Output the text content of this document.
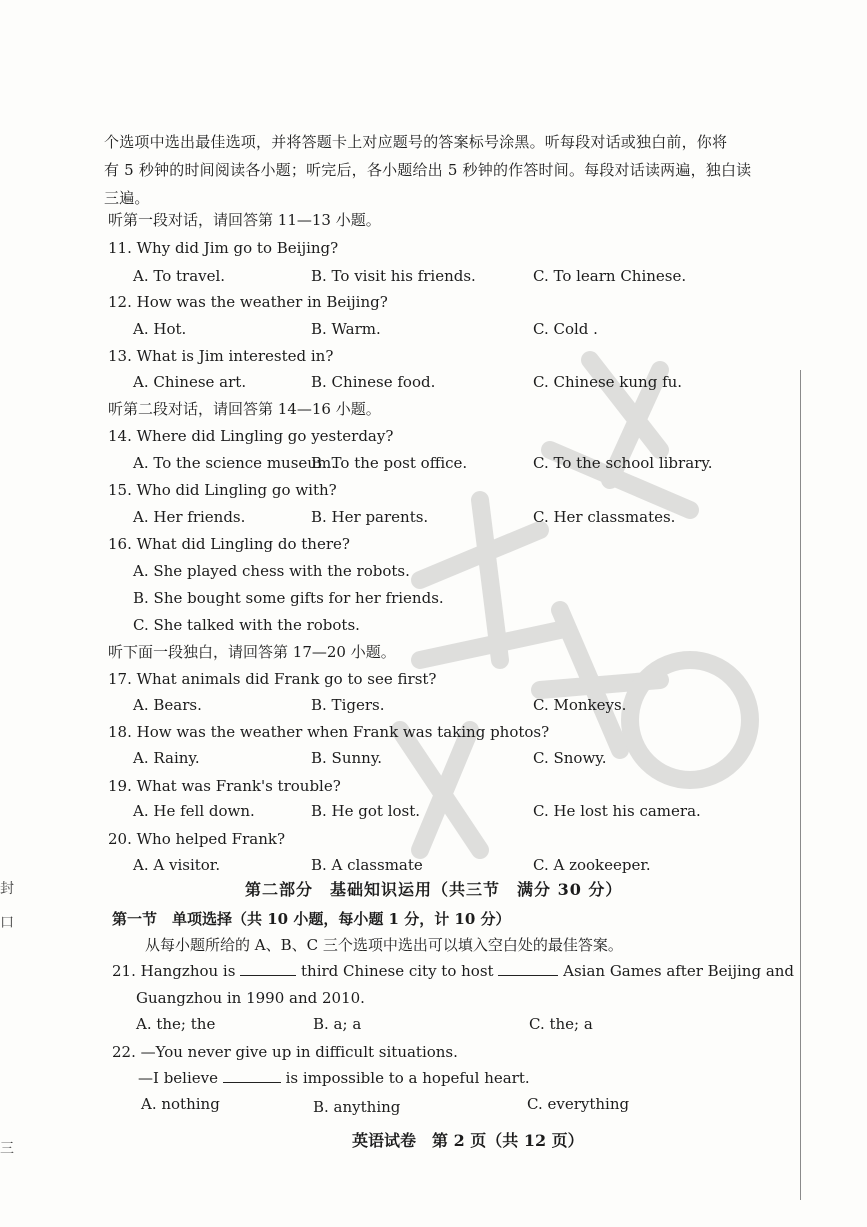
个选项中选出最佳选项，并将答题卡上对应题号的答案标号涂黑。听每段对话或独白前，你将
有 5 秒钟的时间阅读各小题；听完后，各小题给出 5 秒钟的作答时间。每段对话读两遍，独白读
三遍。
听第一段对话，请回答第 11—13 小题。
11. Why did Jim go to Beijing?
A. To travel.	B. To visit his friends.	C. To learn Chinese.
12. How was the weather in Beijing?
A. Hot.	B. Warm.	C. Cold .
13. What is Jim interested in?
A. Chinese art.	B. Chinese food.	C. Chinese kung fu.
听第二段对话，请回答第 14—16 小题。
14. Where did Lingling go yesterday?
A. To the science museum.
B. To the post office.	C. To the school library.
15. Who did Lingling go with?
A. Her friends.	B. Her parents.	C. Her classmates.
16. What did Lingling do there?
A. She played chess with the robots.
B. She bought some gifts for her friends.
C. She talked with the robots.
听下面一段独白，请回答第 17—20 小题。
17. What animals did Frank go to see first?
A. Bears.	B. Tigers.	C. Monkeys.
18. How was the weather when Frank was taking photos?
A. Rainy.	B. Sunny.	C. Snowy.
19. What was Frank's trouble?
A. He fell down.	B. He got lost.	C. He lost his camera.
20. Who helped Frank?
A. A visitor.	B. A classmate	C. A zookeeper.
第二部分　基础知识运用（共三节　满分 30 分）
第一节　单项选择（共 10 小题，每小题 1 分，计 10 分）
从每小题所给的 A、B、C 三个选项中选出可以填入空白处的最佳答案。
21. Hangzhou is	third Chinese city to host	Asian Games after Beijing and
Guangzhou in 1990 and 2010.
A. the; the	B. a; a	C. the; a
22. —You never give up in difficult situations.
—I believe	is impossible to a hopeful heart.
A. nothing	B. anything	C. everything
英语试卷　第 2 页（共 12 页）
封
口
三
